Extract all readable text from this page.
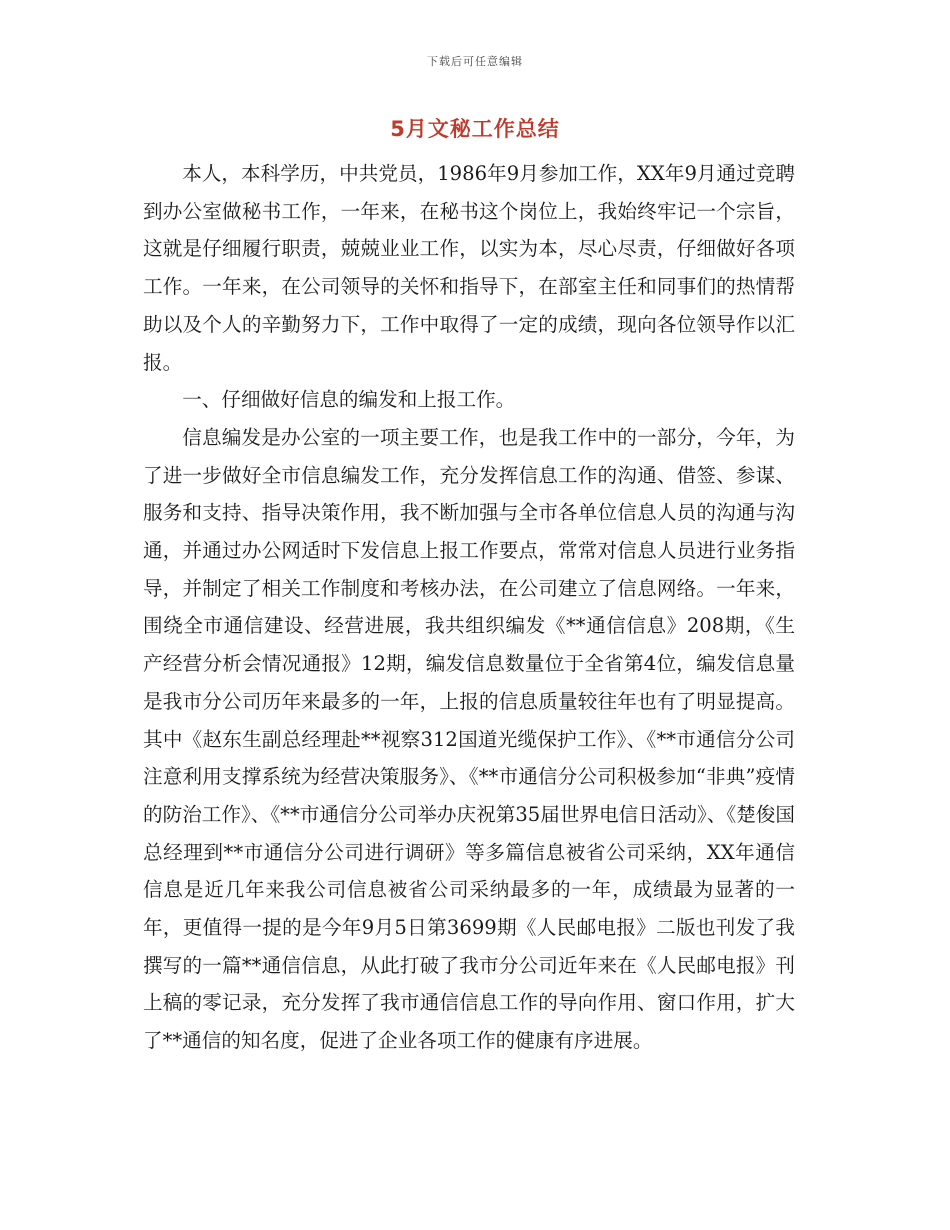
下载后可任意编辑
5月文秘工作总结

本人，本科学历，中共党员，1986年9月参加工作，XX年9月通过竞聘到办公室做秘书工作，一年来，在秘书这个岗位上，我始终牢记一个宗旨，这就是仔细履行职责，兢兢业业工作，以实为本，尽心尽责，仔细做好各项工作。一年来，在公司领导的关怀和指导下，在部室主任和同事们的热情帮助以及个人的辛勤努力下，工作中取得了一定的成绩，现向各位领导作以汇报。

一、仔细做好信息的编发和上报工作。

信息编发是办公室的一项主要工作，也是我工作中的一部分，今年，为了进一步做好全市信息编发工作，充分发挥信息工作的沟通、借签、参谋、服务和支持、指导决策作用，我不断加强与全市各单位信息人员的沟通与沟通，并通过办公网适时下发信息上报工作要点，常常对信息人员进行业务指导，并制定了相关工作制度和考核办法，在公司建立了信息网络。一年来，围绕全市通信建设、经营进展，我共组织编发《**通信信息》208期，《生产经营分析会情况通报》12期，编发信息数量位于全省第4位，编发信息量是我市分公司历年来最多的一年，上报的信息质量较往年也有了明显提高。其中《赵东生副总经理赴**视察312国道光缆保护工作》、《**市通信分公司注意利用支撑系统为经营决策服务》、《**市通信分公司积极参加“非典”疫情的防治工作》、《**市通信分公司举办庆祝第35届世界电信日活动》、《楚俊国总经理到**市通信分公司进行调研》等多篇信息被省公司采纳，XX年通信信息是近几年来我公司信息被省公司采纳最多的一年，成绩最为显著的一年，更值得一提的是今年9月5日第3699期《人民邮电报》二版也刊发了我撰写的一篇**通信信息，从此打破了我市分公司近年来在《人民邮电报》刊上稿的零记录，充分发挥了我市通信信息工作的导向作用、窗口作用，扩大了**通信的知名度，促进了企业各项工作的健康有序进展。
